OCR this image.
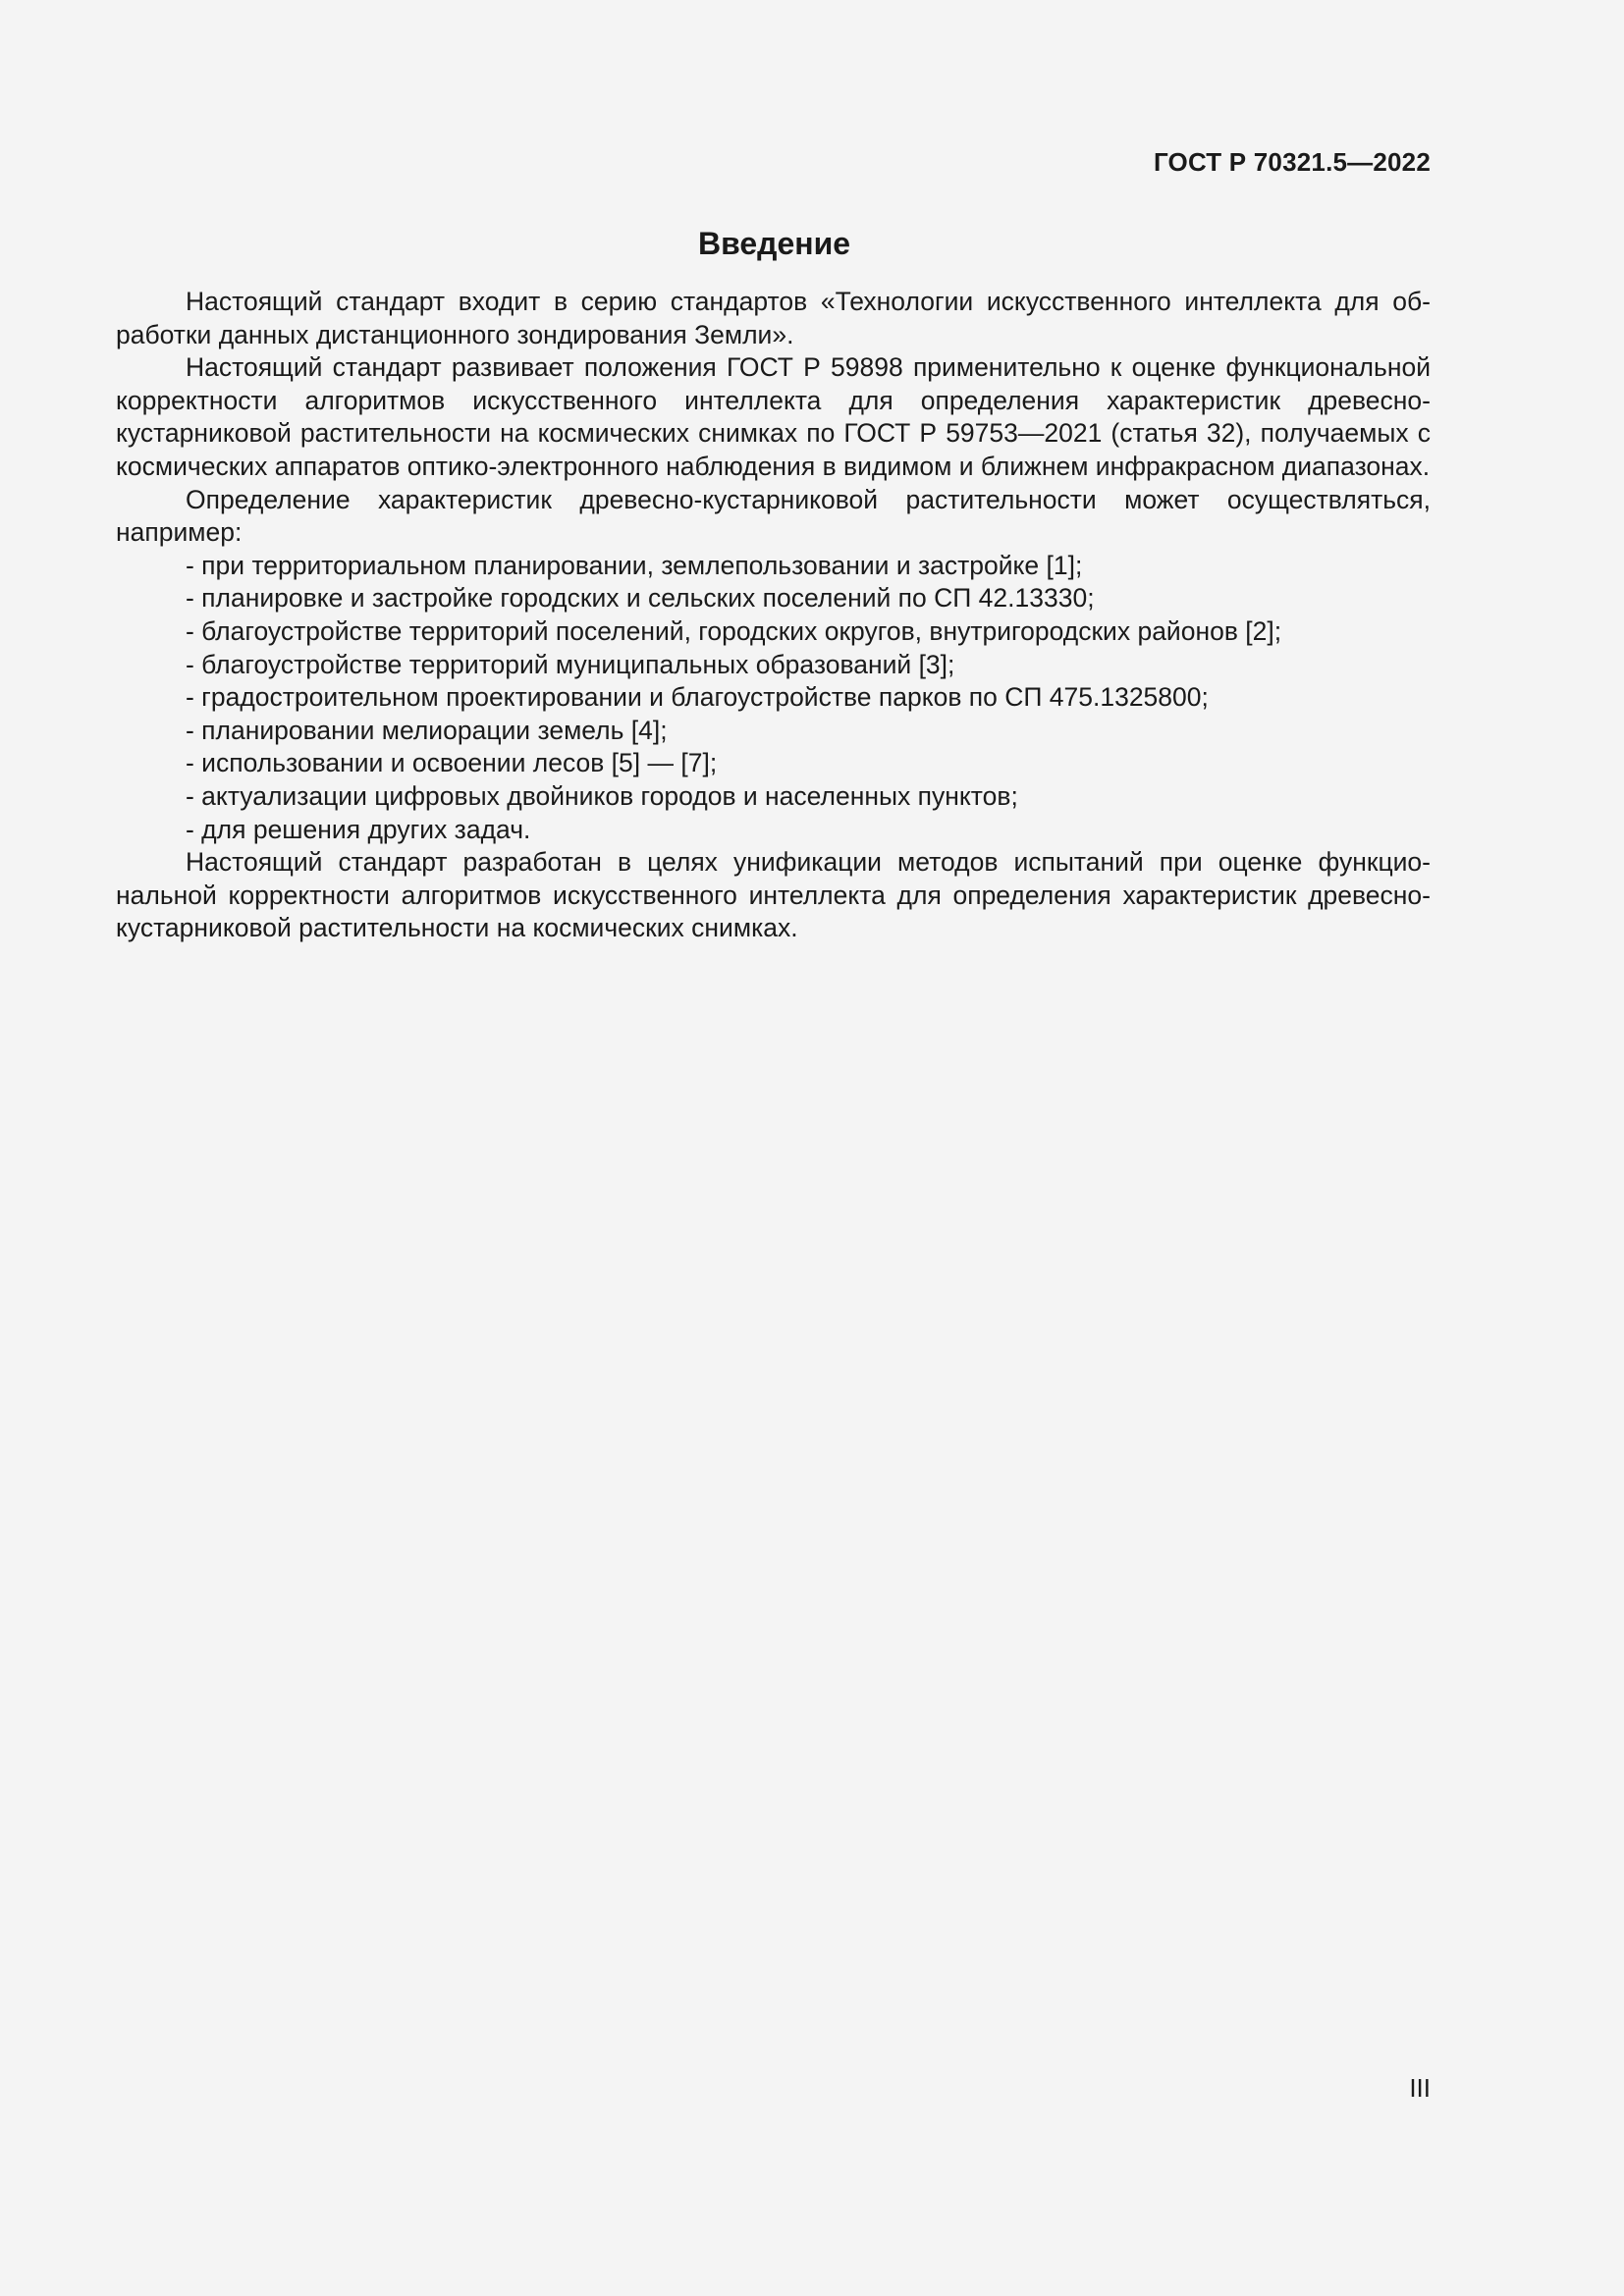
ГОСТ Р 70321.5—2022
Введение

Настоящий стандарт входит в серию стандартов «Технологии искусственного интеллекта для обработки данных дистанционного зондирования Земли».

Настоящий стандарт развивает положения ГОСТ Р 59898 применительно к оценке функциональной корректности алгоритмов искусственного интеллекта для определения характеристик древесно-кустарниковой растительности на космических снимках по ГОСТ Р 59753—2021 (статья 32), получаемых с космических аппаратов оптико-электронного наблюдения в видимом и ближнем инфракрасном диапазонах.

Определение характеристик древесно-кустарниковой растительности может осуществляться, например:

- при территориальном планировании, землепользовании и застройке [1];

- планировке и застройке городских и сельских поселений по СП 42.13330;

- благоустройстве территорий поселений, городских округов, внутригородских районов [2];

- благоустройстве территорий муниципальных образований [3];

- градостроительном проектировании и благоустройстве парков по СП 475.1325800;

- планировании мелиорации земель [4];

- использовании и освоении лесов [5] — [7];

- актуализации цифровых двойников городов и населенных пунктов;

- для решения других задач.

Настоящий стандарт разработан в целях унификации методов испытаний при оценке функциональной корректности алгоритмов искусственного интеллекта для определения характеристик древесно-кустарниковой растительности на космических снимках.

III
